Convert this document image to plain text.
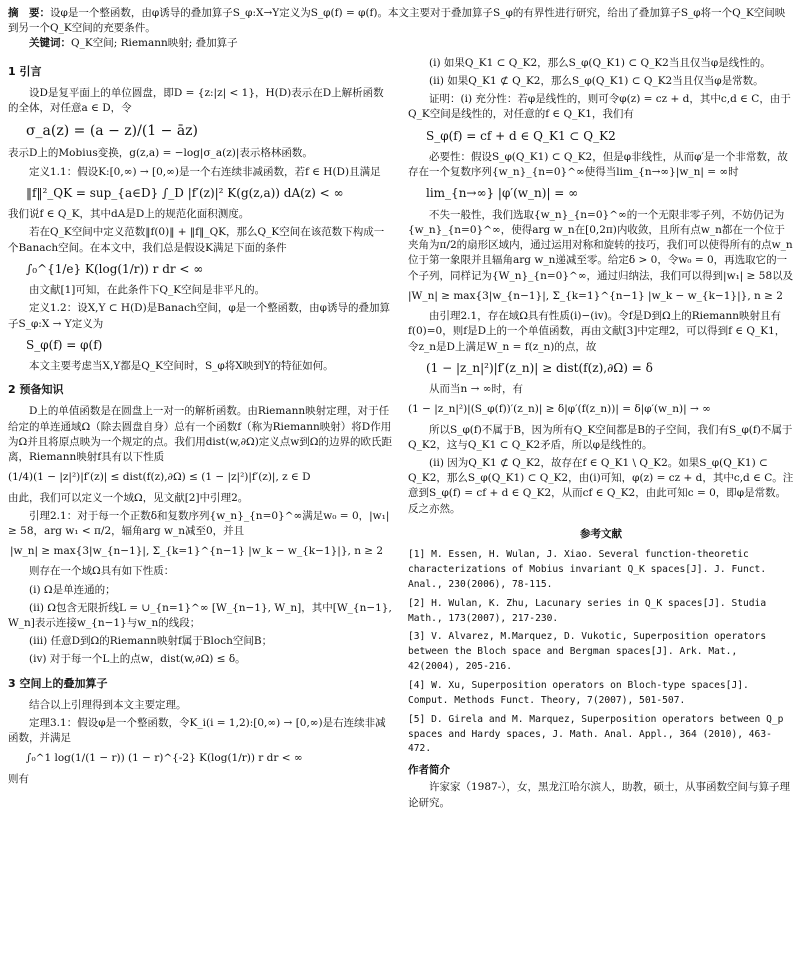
摘　要：设φ是一个整函数，由φ诱导的叠加算子S_φ:X→Y定义为S_φ(f) = φ(f)。本文主要对于叠加算子S_φ的有界性进行研究，给出了叠加算子S_φ将一个Q_K空间映到另一个Q_K空间的充要条件。
关键词：Q_K空间; Riemann映射; 叠加算子
1 引言

设D是复平面上的单位圆盘，即D = {z:|z| < 1}，H(D)表示在D上解析函数的全体，对任意a ∈ D，令

σ_a(z) = (a − z)/(1 − āz)

表示D上的Mobius变换，g(z,a) = −log|σ_a(z)|表示格林函数。

定义1.1：假设K:[0,∞) → [0,∞)是一个右连续非减函数，若f ∈ H(D)且满足

‖f‖²_QK = sup_{a∈D} ∫_D |f′(z)|² K(g(z,a)) dA(z) < ∞

我们说f ∈ Q_K，其中dA是D上的规范化面积测度。

若在Q_K空间中定义范数‖f(0)‖ + ‖f‖_QK，那么Q_K空间在该范数下构成一个Banach空间。在本文中，我们总是假设K满足下面的条件

∫₀^{1/e} K(log(1/r)) r dr < ∞

由文献[1]可知，在此条件下Q_K空间是非平凡的。

定义1.2：设X,Y ⊂ H(D)是Banach空间，φ是一个整函数，由φ诱导的叠加算子S_φ:X → Y定义为

S_φ(f) = φ(f)

本文主要考虑当X,Y都是Q_K空间时，S_φ将X映到Y的特征如何。

2 预备知识

D上的单值函数是在圆盘上一对一的解析函数。由Riemann映射定理，对于任给定的单连通域Ω（除去圆盘自身）总有一个函数f（称为Riemann映射）将D作用为Ω并且将原点映为一个规定的点。我们用dist(w,∂Ω)定义点w到Ω的边界的欧氏距离，Riemann映射f具有以下性质

(1/4)(1 − |z|²)|f′(z)| ≤ dist(f(z),∂Ω) ≤ (1 − |z|²)|f′(z)|, z ∈ D

由此，我们可以定义一个域Ω，见文献[2]中引理2。

引理2.1：对于每一个正数δ和复数序列{w_n}_{n=0}^∞满足w₀ = 0，|w₁| ≥ 58，arg w₁ < π/2，辐角arg w_n减至0，并且

|w_n| ≥ max{3|w_{n−1}|, Σ_{k=1}^{n−1} |w_k − w_{k−1}|}, n ≥ 2

则存在一个域Ω具有如下性质：

(i) Ω是单连通的；

(ii) Ω包含无限折线L = ∪_{n=1}^∞ [W_{n−1}, W_n]，其中[W_{n−1}, W_n]表示连接w_{n−1}与w_n的线段；

(iii) 任意D到Ω的Riemann映射f属于Bloch空间B；

(iv) 对于每一个L上的点w，dist(w,∂Ω) ≤ δ。

3 空间上的叠加算子

结合以上引理得到本文主要定理。

定理3.1：假设φ是一个整函数，令K_i(i = 1,2):[0,∞) → [0,∞)是右连续非减函数，并满足

∫₀^1 log(1/(1 − r)) (1 − r)^{-2} K(log(1/r)) r dr < ∞

则有

(i) 如果Q_K1 ⊂ Q_K2，那么S_φ(Q_K1) ⊂ Q_K2当且仅当φ是线性的。

(ii) 如果Q_K1 ⊄ Q_K2，那么S_φ(Q_K1) ⊂ Q_K2当且仅当φ是常数。

证明：(i) 充分性：若φ是线性的，则可令φ(z) = cz + d，其中c,d ∈ C，由于Q_K空间是线性的，对任意的f ∈ Q_K1，我们有

S_φ(f) = cf + d ∈ Q_K1 ⊂ Q_K2

必要性：假设S_φ(Q_K1) ⊂ Q_K2，但是φ非线性，从而φ′是一个非常数，故存在一个复数序列{w_n}_{n=0}^∞使得当lim_{n→∞}|w_n| = ∞时

lim_{n→∞} |φ′(w_n)| = ∞

不失一般性，我们选取{w_n}_{n=0}^∞的一个无限非零子列，不妨仍记为{w_n}_{n=0}^∞，使得arg w_n在[0,2π)内收敛，且所有点w_n都在一个位于夹角为π/2的扇形区域内，通过运用对称和旋转的技巧，我们可以使得所有的点w_n位于第一象限并且辐角arg w_n递减至零。给定δ > 0，令w₀ = 0，再选取它的一个子列，同样记为{W_n}_{n=0}^∞，通过归纳法，我们可以得到|w₁| ≥ 58以及

|W_n| ≥ max{3|w_{n−1}|, Σ_{k=1}^{n−1} |w_k − w_{k−1}|}, n ≥ 2

由引理2.1，存在域Ω具有性质(i)−(iv)。令f是D到Ω上的Riemann映射且有f(0)=0，则f是D上的一个单值函数，再由文献[3]中定理2，可以得到f ∈ Q_K1，令z_n是D上满足W_n = f(z_n)的点，故

(1 − |z_n|²)|f′(z_n)| ≥ dist(f(z),∂Ω) = δ

从而当n → ∞时，有

(1 − |z_n|²)|(S_φ(f))′(z_n)| ≥ δ|φ′(f(z_n))| = δ|φ′(w_n)| → ∞

所以S_φ(f)不属于B，因为所有Q_K空间都是B的子空间，我们有S_φ(f)不属于Q_K2，这与Q_K1 ⊂ Q_K2矛盾，所以φ是线性的。

(ii) 因为Q_K1 ⊄ Q_K2，故存在f ∈ Q_K1 \ Q_K2。如果S_φ(Q_K1) ⊂ Q_K2，那么S_φ(Q_K1) ⊂ Q_K2，由(i)可知，φ(z) = cz + d，其中c,d ∈ C。注意到S_φ(f) = cf + d ∈ Q_K2，从而cf ∈ Q_K2，由此可知c = 0，即φ是常数。反之亦然。

参考文献
[1] M. Essen, H. Wulan, J. Xiao. Several function-theoretic characterizations of Mobius invariant Q_K spaces[J]. J. Funct. Anal., 230(2006), 78-115.
[2] H. Wulan, K. Zhu, Lacunary series in Q_K spaces[J]. Studia Math., 173(2007), 217-230.
[3] V. Alvarez, M.Marquez, D. Vukotic, Superposition operators between the Bloch space and Bergman spaces[J]. Ark. Mat., 42(2004), 205-216.
[4] W. Xu, Superposition operators on Bloch-type spaces[J]. Comput. Methods Funct. Theory, 7(2007), 501-507.
[5] D. Girela and M. Marquez, Superposition operators between Q_p spaces and Hardy spaces, J. Math. Anal. Appl., 364 (2010), 463-472.
作者简介

许家家（1987-），女，黑龙江哈尔滨人，助教，硕士，从事函数空间与算子理论研究。
